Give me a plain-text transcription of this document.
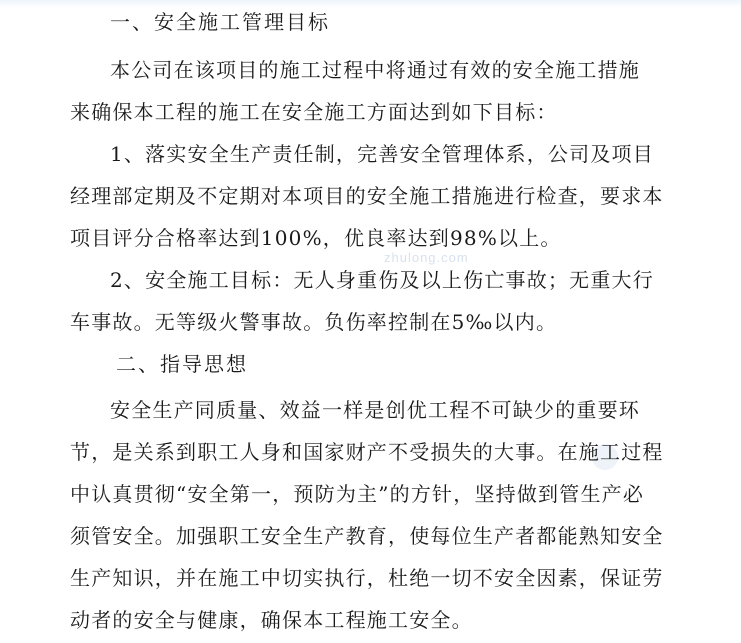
一、安全施工管理目标
本公司在该项目的施工过程中将通过有效的安全施工措施
来确保本工程的施工在安全施工方面达到如下目标：
1、落实安全生产责任制，完善安全管理体系，公司及项目
经理部定期及不定期对本项目的安全施工措施进行检查，要求本
项目评分合格率达到100%，优良率达到98%以上。
zhulong.com
2、安全施工目标：无人身重伤及以上伤亡事故；无重大行
车事故。无等级火警事故。负伤率控制在5‰以内。
二、指导思想
安全生产同质量、效益一样是创优工程不可缺少的重要环
节，是关系到职工人身和国家财产不受损失的大事。在施工过程
中认真贯彻“安全第一，预防为主”的方针，坚持做到管生产必
须管安全。加强职工安全生产教育，使每位生产者都能熟知安全
生产知识，并在施工中切实执行，杜绝一切不安全因素，保证劳
动者的安全与健康，确保本工程施工安全。
